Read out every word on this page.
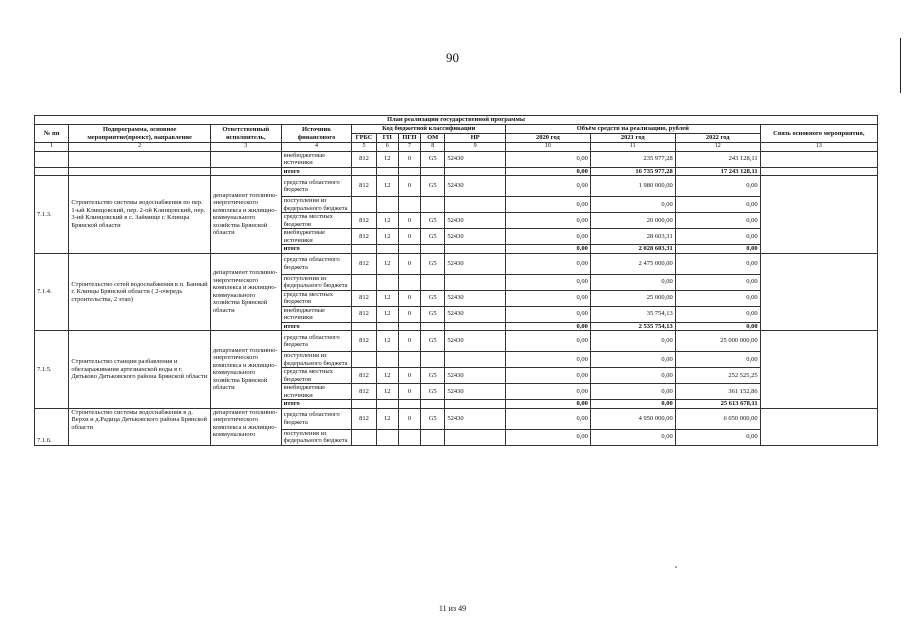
90
План реализации государственной программы												
№ пп	Подпрограмма, основное мероприятие(проект), направление	Ответственный исполнитель,	Источник финансового	Код бюджетной классификации					Объём средств на реализацию, рублей			Связь основного мероприятия,
				ГРБС	ГП	ПГП	ОМ	НР	2020 год	2021 год	2022 год	
1	2	3	4	5	6	7	8	9	10	11	12	13
			внебюджетные источники	812	12	0	G5	52430	0,00	235 977,28	243 128,11	
			итого						0,00	16 735 977,28	17 243 128,11	
7.1.3.	Строительство системы водоснабжения по пер. 1-ый Клинцовский, пер. 2-ой Клинцовский, пер. 3-ий Клинцовский в с. Займище г. Клинцы Брянской области	департамент топливно-энергетического комплекса и жилищно-коммунального хозяйства Брянской области	средства областного бюджета	812	12	0	G5	52430	0,00	1 980 000,00	0,00	
			поступления из федерального бюджета						0,00	0,00	0,00	
			средства местных бюджетов	812	12	0	G5	52430	0,00	20 000,00	0,00	
			внебюджетные источники	812	12	0	G5	52430	0,00	28 603,31	0,00	
			итого						0,00	2 028 603,31	0,00	
7.1.4.	Строительство сетей водоснабжения в п. Банный г. Клинцы Брянской области ( 2-очередь строительства, 2 этап)	департамент топливно-энергетического комплекса и жилищно-коммунального хозяйства Брянской области	средства областного бюджета	812	12	0	G5	52430	0,00	2 475 000,00	0,00	
			поступления из федерального бюджета						0,00	0,00	0,00	
			средства местных бюджетов	812	12	0	G5	52430	0,00	25 000,00	0,00	
			внебюджетные источники	812	12	0	G5	52430	0,00	35 754,13	0,00	
			итого						0,00	2 535 754,13	0,00	
7.1.5.	Строительство станции разбавления и обеззараживания артезианской воды в г. Дятьково Дятьковского района Брянской области	департамент топливно-энергетического комплекса и жилищно-коммунального хозяйства Брянской области	средства областного бюджета	812	12	0	G5	52430	0,00	0,00	25 000 000,00	
			поступления из федерального бюджета						0,00	0,00	0,00	
			средства местных бюджетов	812	12	0	G5	52430	0,00	0,00	252 525,25	
			внебюджетные источники	812	12	0	G5	52430	0,00	0,00	361 152,86	
			итого						0,00	0,00	25 613 678,11	
7.1.6.	Строительство системы водоснабжения в д. Верхи и д.Радица Дятьковского района Брянской области	департамент топливно-энергетического комплекса и жилищно-коммунального	средства областного бюджета	812	12	0	G5	52430	0,00	4 950 000,00	6 050 000,00	
			поступления из федерального бюджета						0,00	0,00	0,00	
11 из 49
